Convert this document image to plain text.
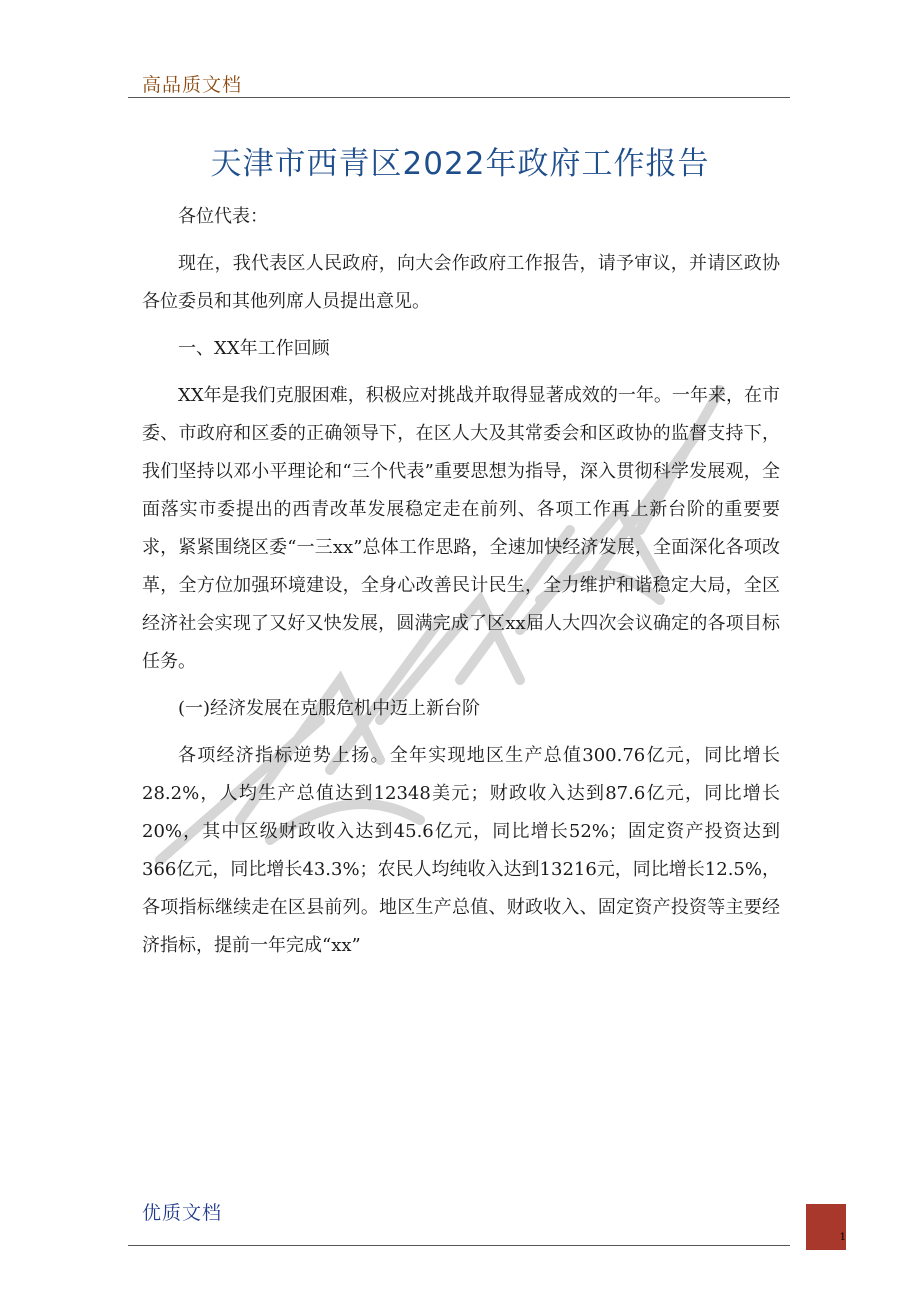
高品质文档
天津市西青区2022年政府工作报告

各位代表：

现在，我代表区人民政府，向大会作政府工作报告，请予审议，并请区政协各位委员和其他列席人员提出意见。

一、XX年工作回顾

XX年是我们克服困难，积极应对挑战并取得显著成效的一年。一年来，在市委、市政府和区委的正确领导下，在区人大及其常委会和区政协的监督支持下，我们坚持以邓小平理论和“三个代表”重要思想为指导，深入贯彻科学发展观，全面落实市委提出的西青改革发展稳定走在前列、各项工作再上新台阶的重要要求，紧紧围绕区委“一三xx”总体工作思路，全速加快经济发展，全面深化各项改革，全方位加强环境建设，全身心改善民计民生，全力维护和谐稳定大局，全区经济社会实现了又好又快发展，圆满完成了区xx届人大四次会议确定的各项目标任务。

(一)经济发展在克服危机中迈上新台阶

各项经济指标逆势上扬。全年实现地区生产总值300.76亿元，同比增长28.2%，人均生产总值达到12348美元；财政收入达到87.6亿元，同比增长20%，其中区级财政收入达到45.6亿元，同比增长52%；固定资产投资达到366亿元，同比增长43.3%；农民人均纯收入达到13216元，同比增长12.5%，各项指标继续走在区县前列。地区生产总值、财政收入、固定资产投资等主要经济指标，提前一年完成“xx”

优质文档
1
